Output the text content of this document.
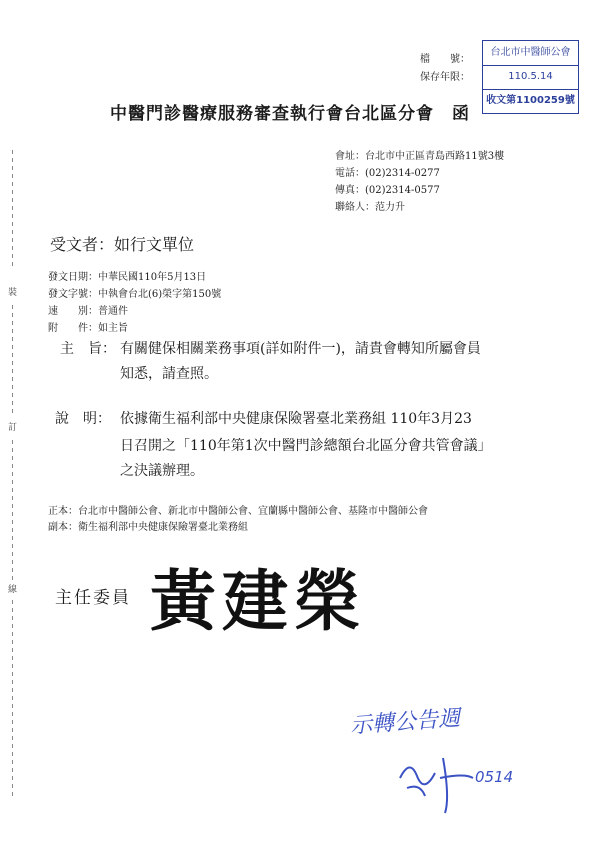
檔　　號：
保存年限：
台北市中醫師公會
110.5.14
收文第1100259號
中醫門診醫療服務審查執行會台北區分會　函
會址：台北市中正區青島西路11號3樓
電話：(02)2314-0277
傳真：(02)2314-0577
聯絡人：范力升
受文者：如行文單位
發文日期：中華民國110年5月13日
發文字號：中執會台北(6)榮字第150號
速　　別：普通件
附　　件：如主旨
主　旨： 有關健保相關業務事項(詳如附件一)，請貴會轉知所屬會員
知悉，請查照。
說　明： 依據衛生福利部中央健康保險署臺北業務組 110年3月23
日召開之「110年第1次中醫門診總額台北區分會共管會議」
之決議辦理。
正本：台北市中醫師公會、新北市中醫師公會、宜蘭縣中醫師公會、基隆市中醫師公會
副本：衛生福利部中央健康保險署臺北業務組
主任委員 黃建榮
裝
訂
線
示轉公告週
0514
